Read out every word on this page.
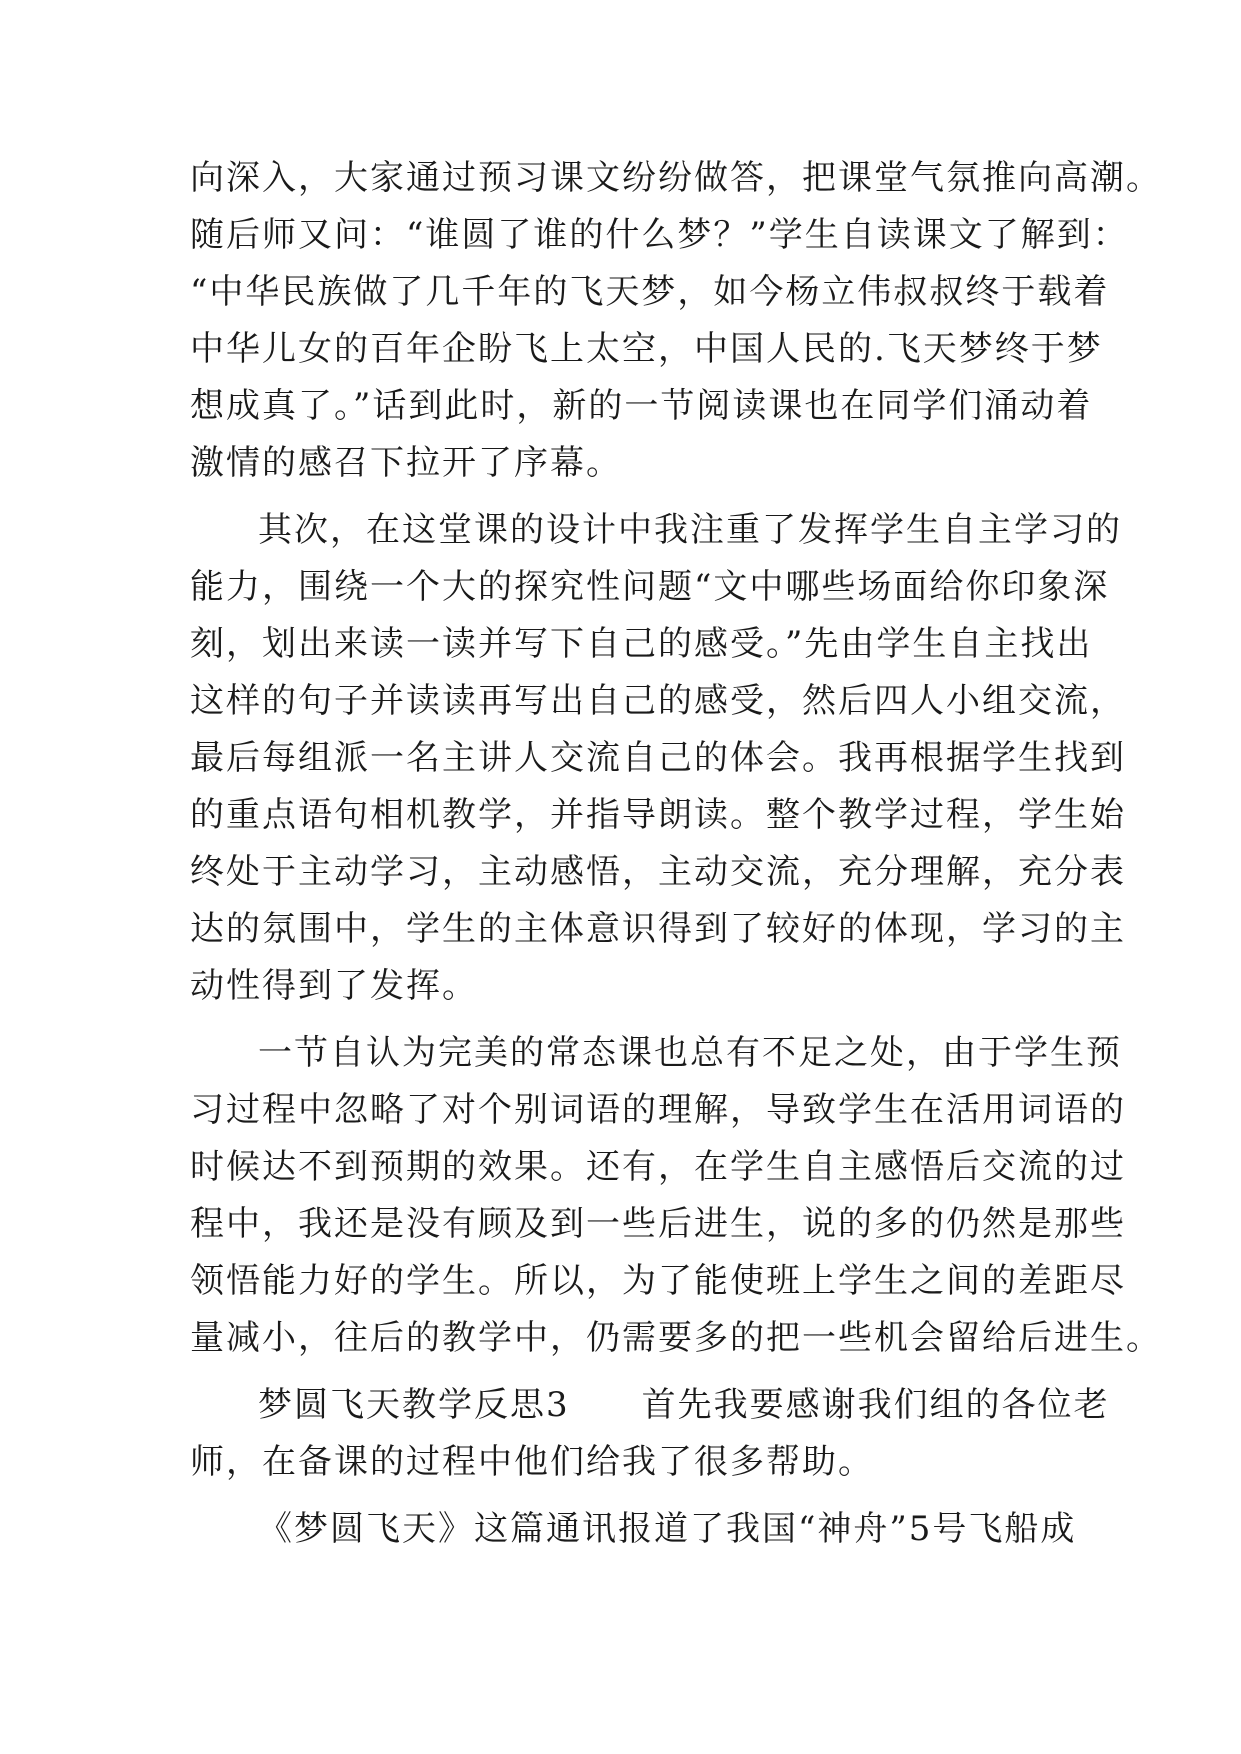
向深入，大家通过预习课文纷纷做答，把课堂气氛推向高潮。
随后师又问：“谁圆了谁的什么梦？”学生自读课文了解到：
“中华民族做了几千年的飞天梦，如今杨立伟叔叔终于载着
中华儿女的百年企盼飞上太空，中国人民的.飞天梦终于梦
想成真了。”话到此时，新的一节阅读课也在同学们涌动着
激情的感召下拉开了序幕。
其次，在这堂课的设计中我注重了发挥学生自主学习的
能力，围绕一个大的探究性问题“文中哪些场面给你印象深
刻，划出来读一读并写下自己的感受。”先由学生自主找出
这样的句子并读读再写出自己的感受，然后四人小组交流，
最后每组派一名主讲人交流自己的体会。我再根据学生找到
的重点语句相机教学，并指导朗读。整个教学过程，学生始
终处于主动学习，主动感悟，主动交流，充分理解，充分表
达的氛围中，学生的主体意识得到了较好的体现，学习的主
动性得到了发挥。
一节自认为完美的常态课也总有不足之处，由于学生预
习过程中忽略了对个别词语的理解，导致学生在活用词语的
时候达不到预期的效果。还有，在学生自主感悟后交流的过
程中，我还是没有顾及到一些后进生，说的多的仍然是那些
领悟能力好的学生。所以，为了能使班上学生之间的差距尽
量减小，往后的教学中，仍需要多的把一些机会留给后进生。
梦圆飞天教学反思3　　首先我要感谢我们组的各位老
师，在备课的过程中他们给我了很多帮助。
《梦圆飞天》这篇通讯报道了我国“神舟”5号飞船成
